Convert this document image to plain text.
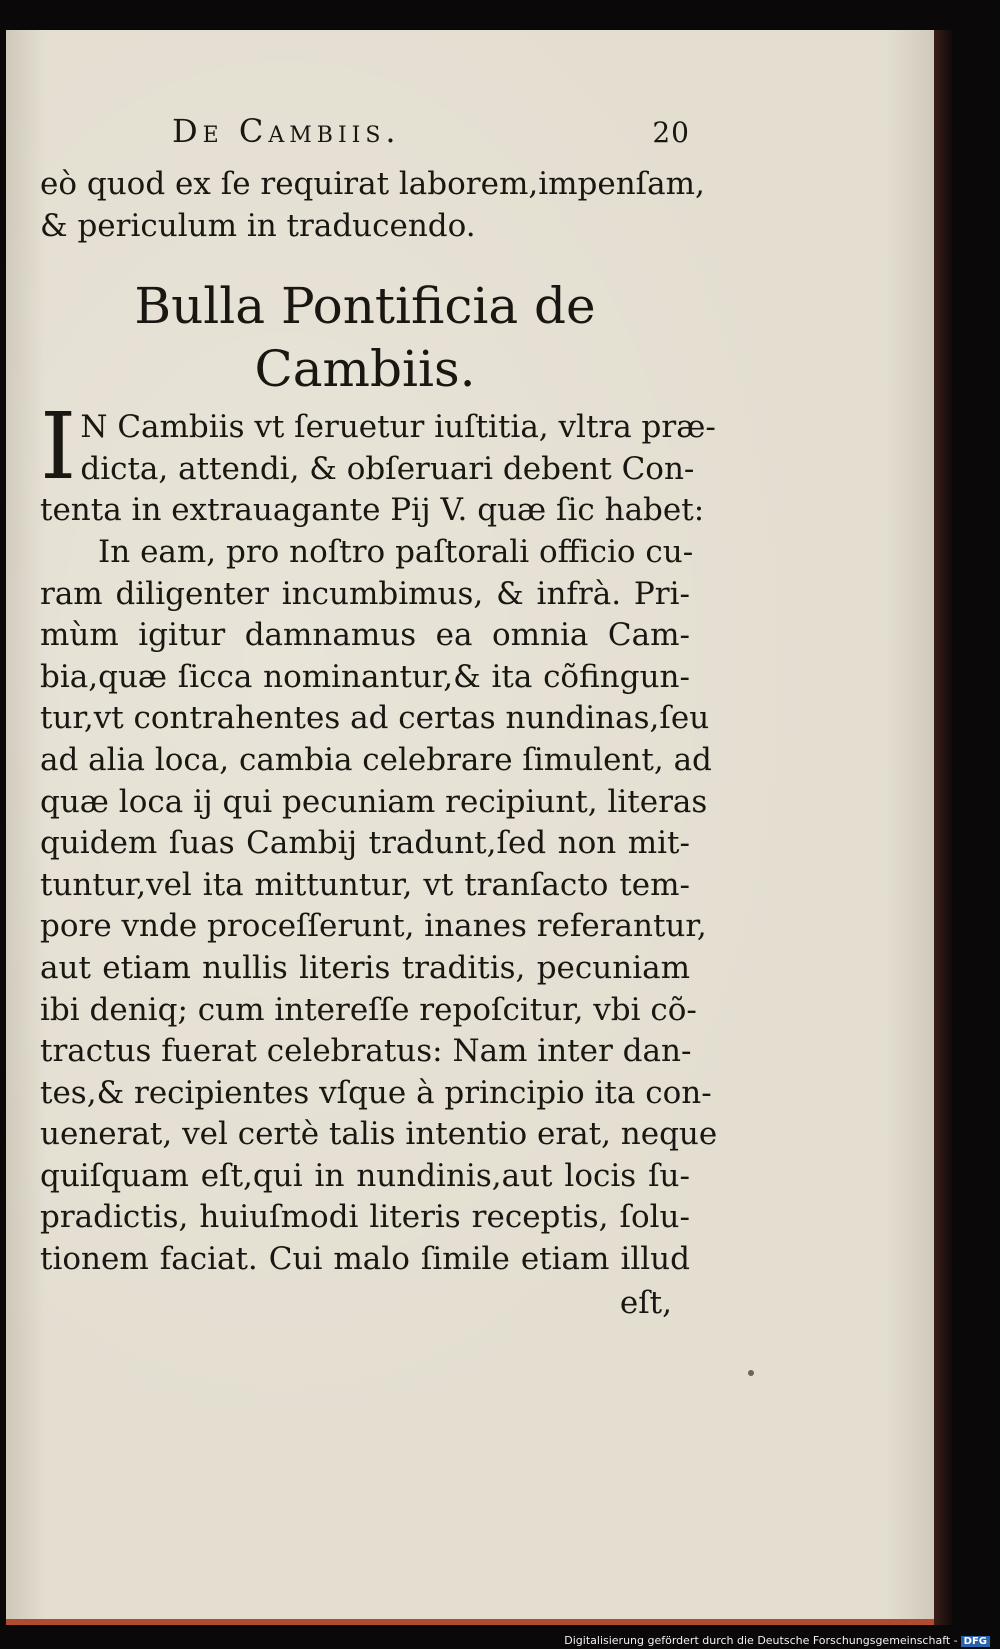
De Cambiis.	20
eò quod ex ſe requirat laborem,impenſam,
& periculum in traducendo.
Bulla Pontificia de
Cambiis.
I N Cambiis vt ſeruetur iuſtitia, vltra præ-
dicta, attendi, & obſeruari debent Con-
tenta in extrauagante Pij V. quæ ſic habet:
In eam, pro noſtro paſtorali officio cu-
ram diligenter incumbimus, & infrà. Pri-
mùm igitur damnamus ea omnia Cam-
bia,quæ ſicca nominantur,& ita cõfingun-
tur,vt contrahentes ad certas nundinas,ſeu
ad alia loca, cambia celebrare ſimulent, ad
quæ loca ij qui pecuniam recipiunt, literas
quidem ſuas Cambij tradunt,ſed non mit-
tuntur,vel ita mittuntur, vt tranſacto tem-
pore vnde proceſſerunt, inanes referantur,
aut etiam nullis literis traditis, pecuniam
ibi deniq; cum intereſſe repoſcitur, vbi cõ-
tractus fuerat celebratus: Nam inter dan-
tes,& recipientes vſque à principio ita con-
uenerat, vel certè talis intentio erat, neque
quiſquam eſt,qui in nundinis,aut locis ſu-
pradictis, huiuſmodi literis receptis, ſolu-
tionem faciat. Cui malo ſimile etiam illud
eſt,
Digitalisierung gefördert durch die Deutsche Forschungsgemeinschaft - DFG
